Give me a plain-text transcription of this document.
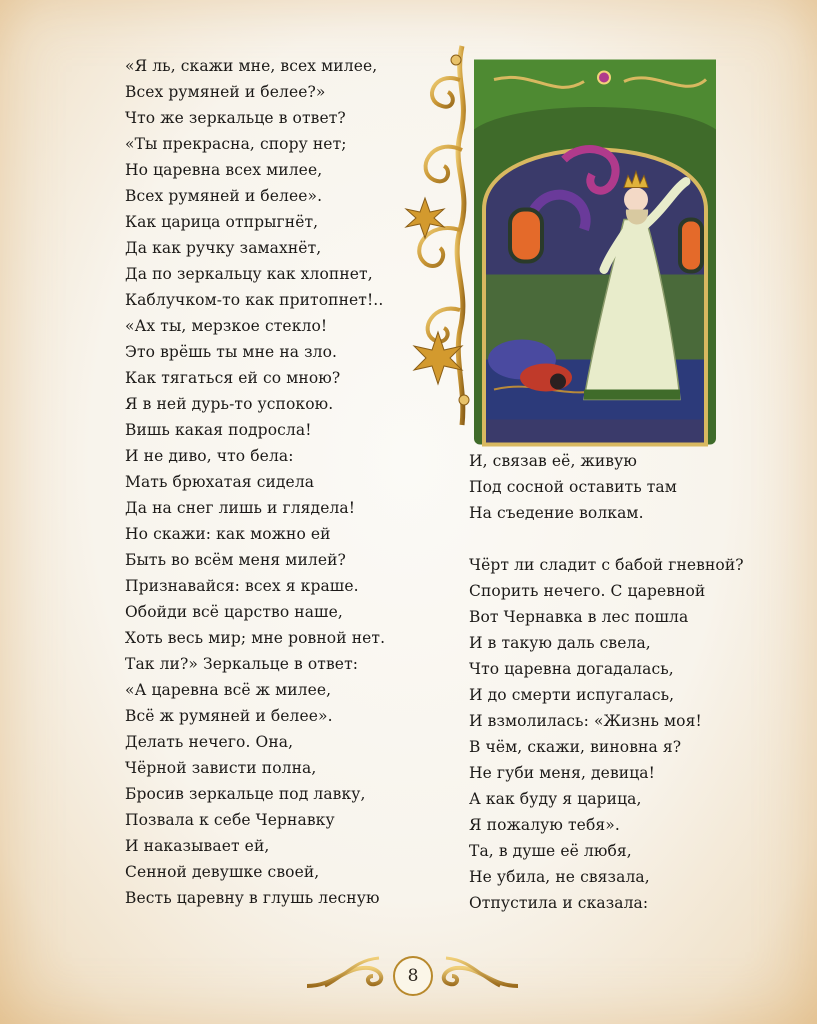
«Я ль, скажи мне, всех милее,
Всех румяней и белее?»
Что же зеркальце в ответ?
«Ты прекрасна, спору нет;
Но царевна всех милее,
Всех румяней и белее».
Как царица отпрыгнёт,
Да как ручку замахнёт,
Да по зеркальцу как хлопнет,
Каблучком-то как притопнет!..
«Ах ты, мерзкое стекло!
Это врёшь ты мне на зло.
Как тягаться ей со мною?
Я в ней дурь-то успокою.
Вишь какая подросла!
И не диво, что бела:
Мать брюхатая сидела
Да на снег лишь и глядела!
Но скажи: как можно ей
Быть во всём меня милей?
Признавайся: всех я краше.
Обойди всё царство наше,
Хоть весь мир; мне ровной нет.
Так ли?» Зеркальце в ответ:
«А царевна всё ж милее,
Всё ж румяней и белее».
Делать нечего. Она,
Чёрной зависти полна,
Бросив зеркальце под лавку,
Позвала к себе Чернавку
И наказывает ей,
Сенной девушке своей,
Весть царевну в глушь лесную
И, связав её, живую
Под сосной оставить там
На съедение волкам.
Чёрт ли сладит с бабой гневной?
Спорить нечего. С царевной
Вот Чернавка в лес пошла
И в такую даль свела,
Что царевна догадалась,
И до смерти испугалась,
И взмолилась: «Жизнь моя!
В чём, скажи, виновна я?
Не губи меня, девица!
А как буду я царица,
Я пожалую тебя».
Та, в душе её любя,
Не убила, не связала,
Отпустила и сказала:
8
